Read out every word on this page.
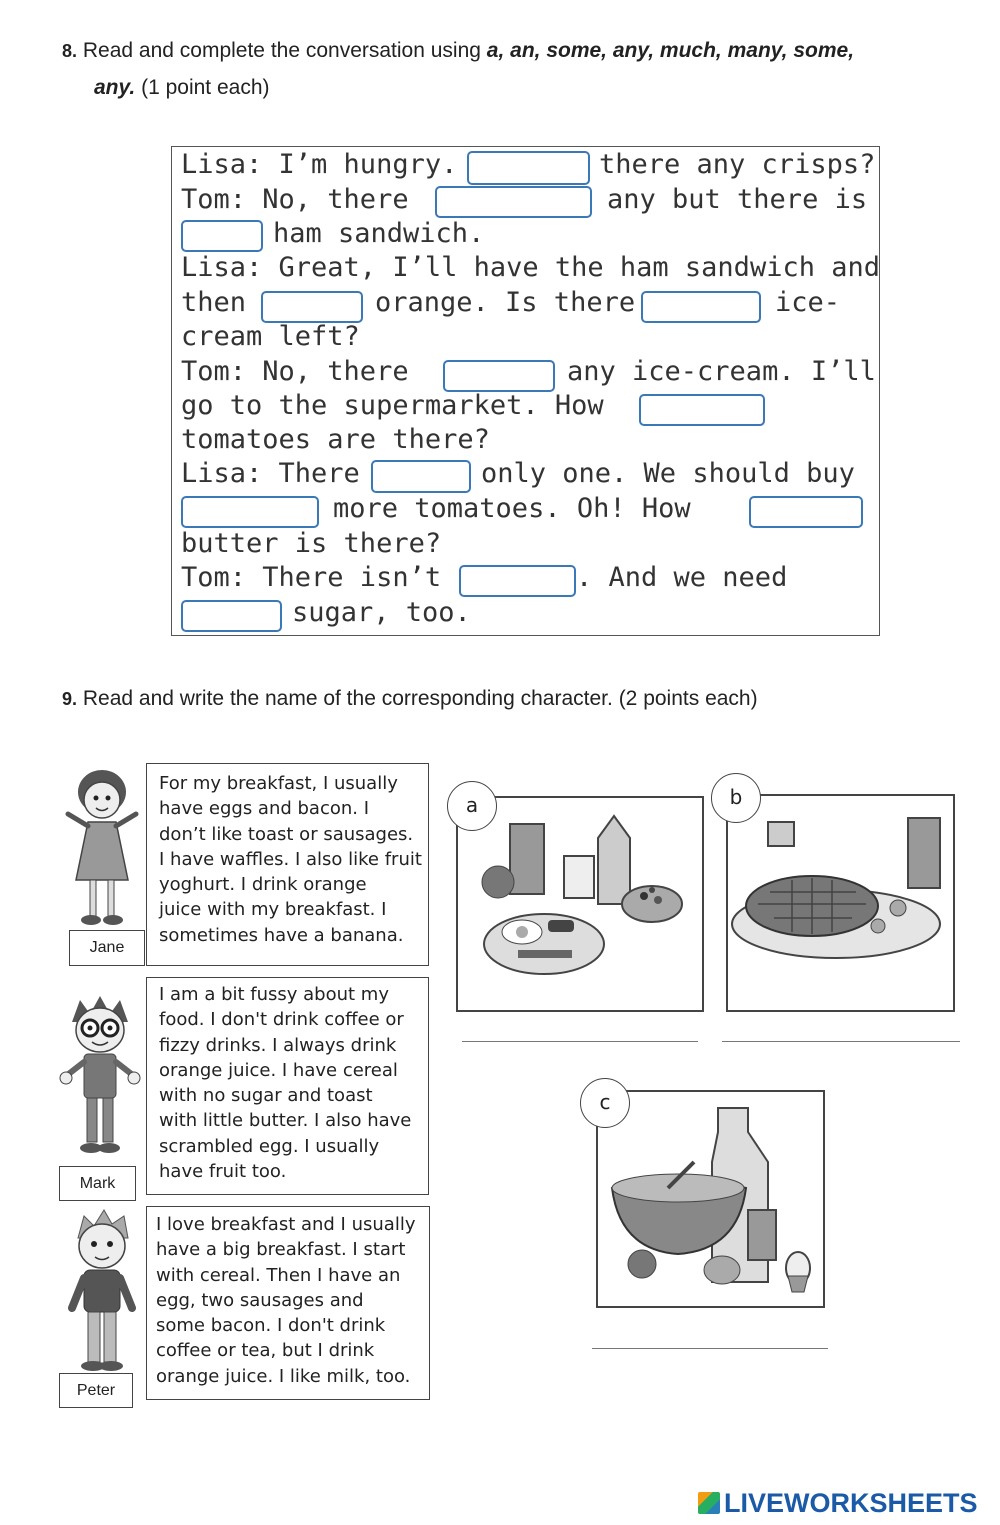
8. Read and complete the conversation using a, an, some, any, much, many, some,
any. (1 point each)
Lisa: I’m hungry.	there any crisps?
Tom: No, there	any but there is
ham sandwich.
Lisa: Great, I’ll have the ham sandwich and
then	orange. Is there	ice-
cream left?
Tom: No, there	any ice-cream. I’ll
go to the supermarket. How
tomatoes are there?
Lisa: There	only one. We should buy
more tomatoes. Oh! How
butter is there?
Tom: There isn’t	. And we need
sugar, too.
9. Read and write the name of the corresponding character. (2 points each)
Jane
For my breakfast, I usually
have eggs and bacon. I
don’t like toast or sausages.
I have waffles. I also like fruit
yoghurt. I drink orange
juice with my breakfast. I
sometimes have a banana.
Mark
I am a bit fussy about my
food. I don't drink coffee or
fizzy drinks. I always drink
orange juice. I have cereal
with no sugar and toast
with little butter. I also have
scrambled egg. I usually
have fruit too.
Peter
I love breakfast and I usually
have a big breakfast. I start
with cereal. Then I have an
egg, two sausages and
some bacon. I don't drink
coffee or tea, but I drink
orange juice. I like milk, too.
a	b
c
LIVEWORKSHEETS
